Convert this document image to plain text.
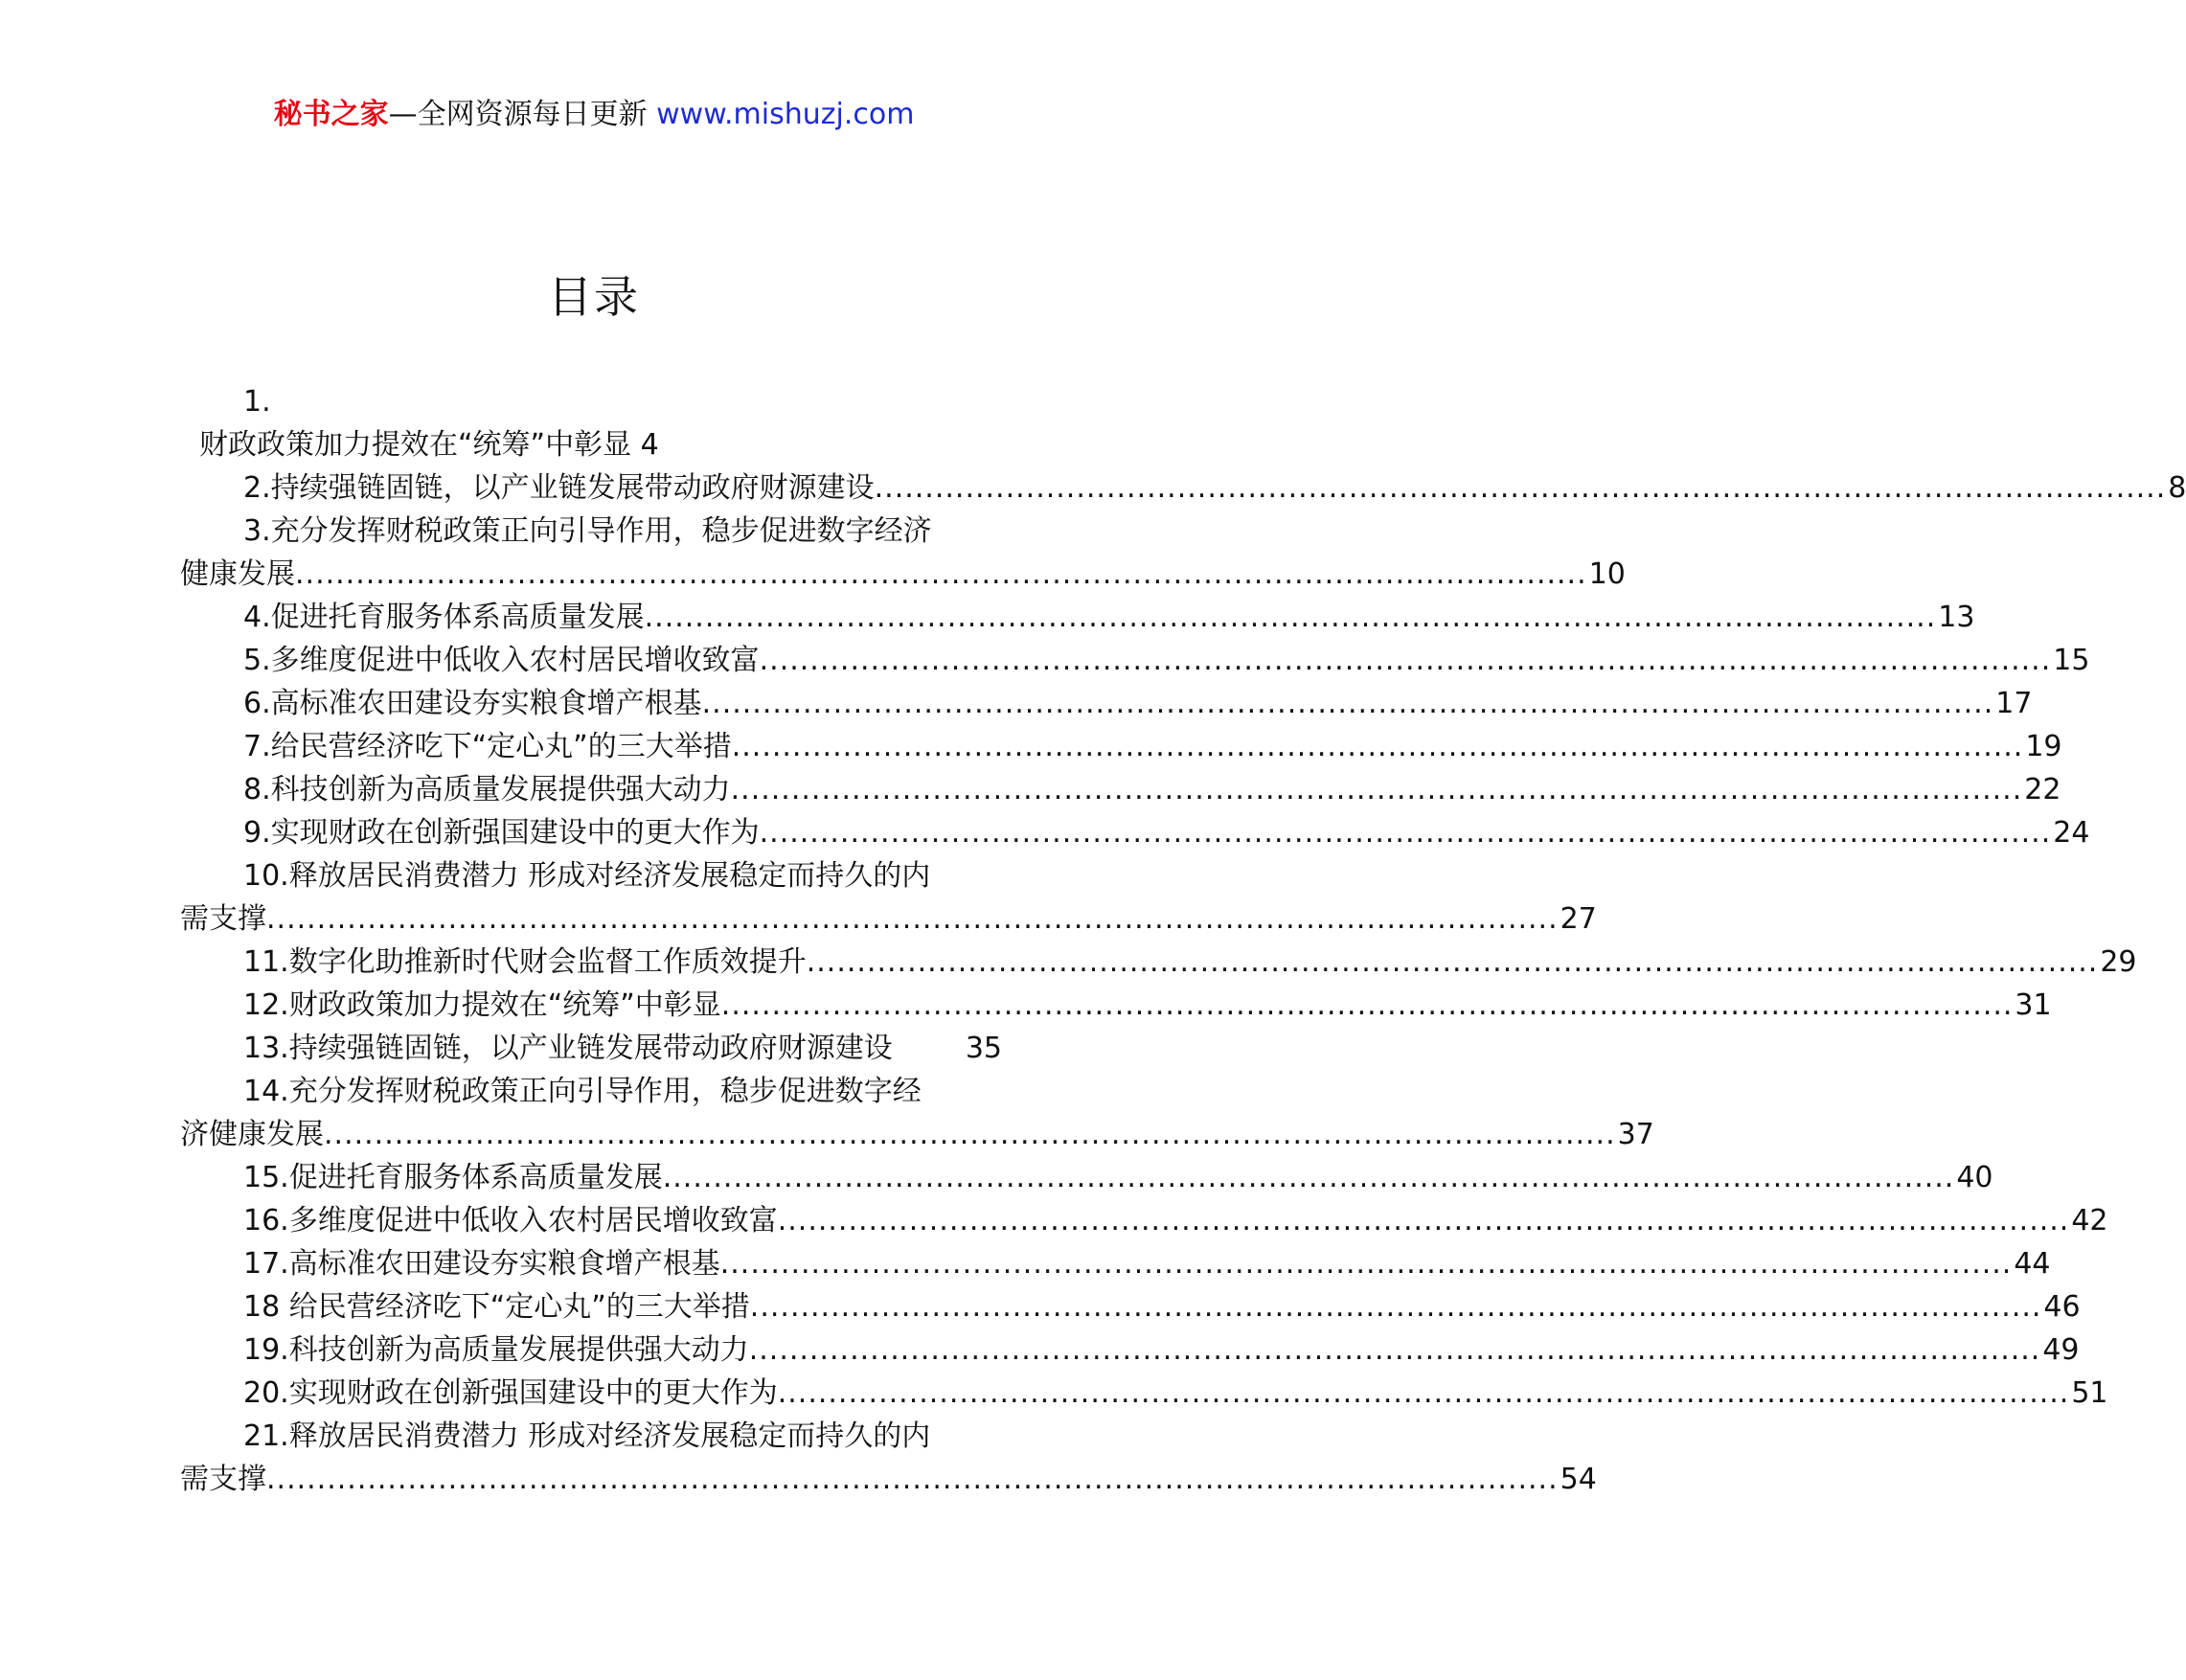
秘书之家—全网资源每日更新 www.mishuzj.com
目录
1.
财政政策加力提效在“统筹”中彰显 4
2.持续强链固链，以产业链发展带动政府财源建设 ................................................................................................................................ 8
3.充分发挥财税政策正向引导作用，稳步促进数字经济
健康发展 ................................................................................................................................ 10
4.促进托育服务体系高质量发展 ................................................................................................................................ 13
5.多维度促进中低收入农村居民增收致富 ................................................................................................................................ 15
6.高标准农田建设夯实粮食增产根基 ................................................................................................................................ 17
7.给民营经济吃下“定心丸”的三大举措 ................................................................................................................................ 19
8.科技创新为高质量发展提供强大动力 ................................................................................................................................ 22
9.实现财政在创新强国建设中的更大作为 ................................................................................................................................ 24
10.释放居民消费潜力 形成对经济发展稳定而持久的内
需支撑 ................................................................................................................................ 27
11.数字化助推新时代财会监督工作质效提升 ................................................................................................................................ 29
12.财政政策加力提效在“统筹”中彰显 ................................................................................................................................ 31
13.持续强链固链，以产业链发展带动政府财源建设	35
14.充分发挥财税政策正向引导作用，稳步促进数字经
济健康发展 ................................................................................................................................ 37
15.促进托育服务体系高质量发展 ................................................................................................................................ 40
16.多维度促进中低收入农村居民增收致富 ................................................................................................................................ 42
17.高标准农田建设夯实粮食增产根基 ................................................................................................................................ 44
18 给民营经济吃下“定心丸”的三大举措 ................................................................................................................................ 46
19.科技创新为高质量发展提供强大动力 ................................................................................................................................ 49
20.实现财政在创新强国建设中的更大作为 ................................................................................................................................ 51
21.释放居民消费潜力 形成对经济发展稳定而持久的内
需支撑 ................................................................................................................................ 54
